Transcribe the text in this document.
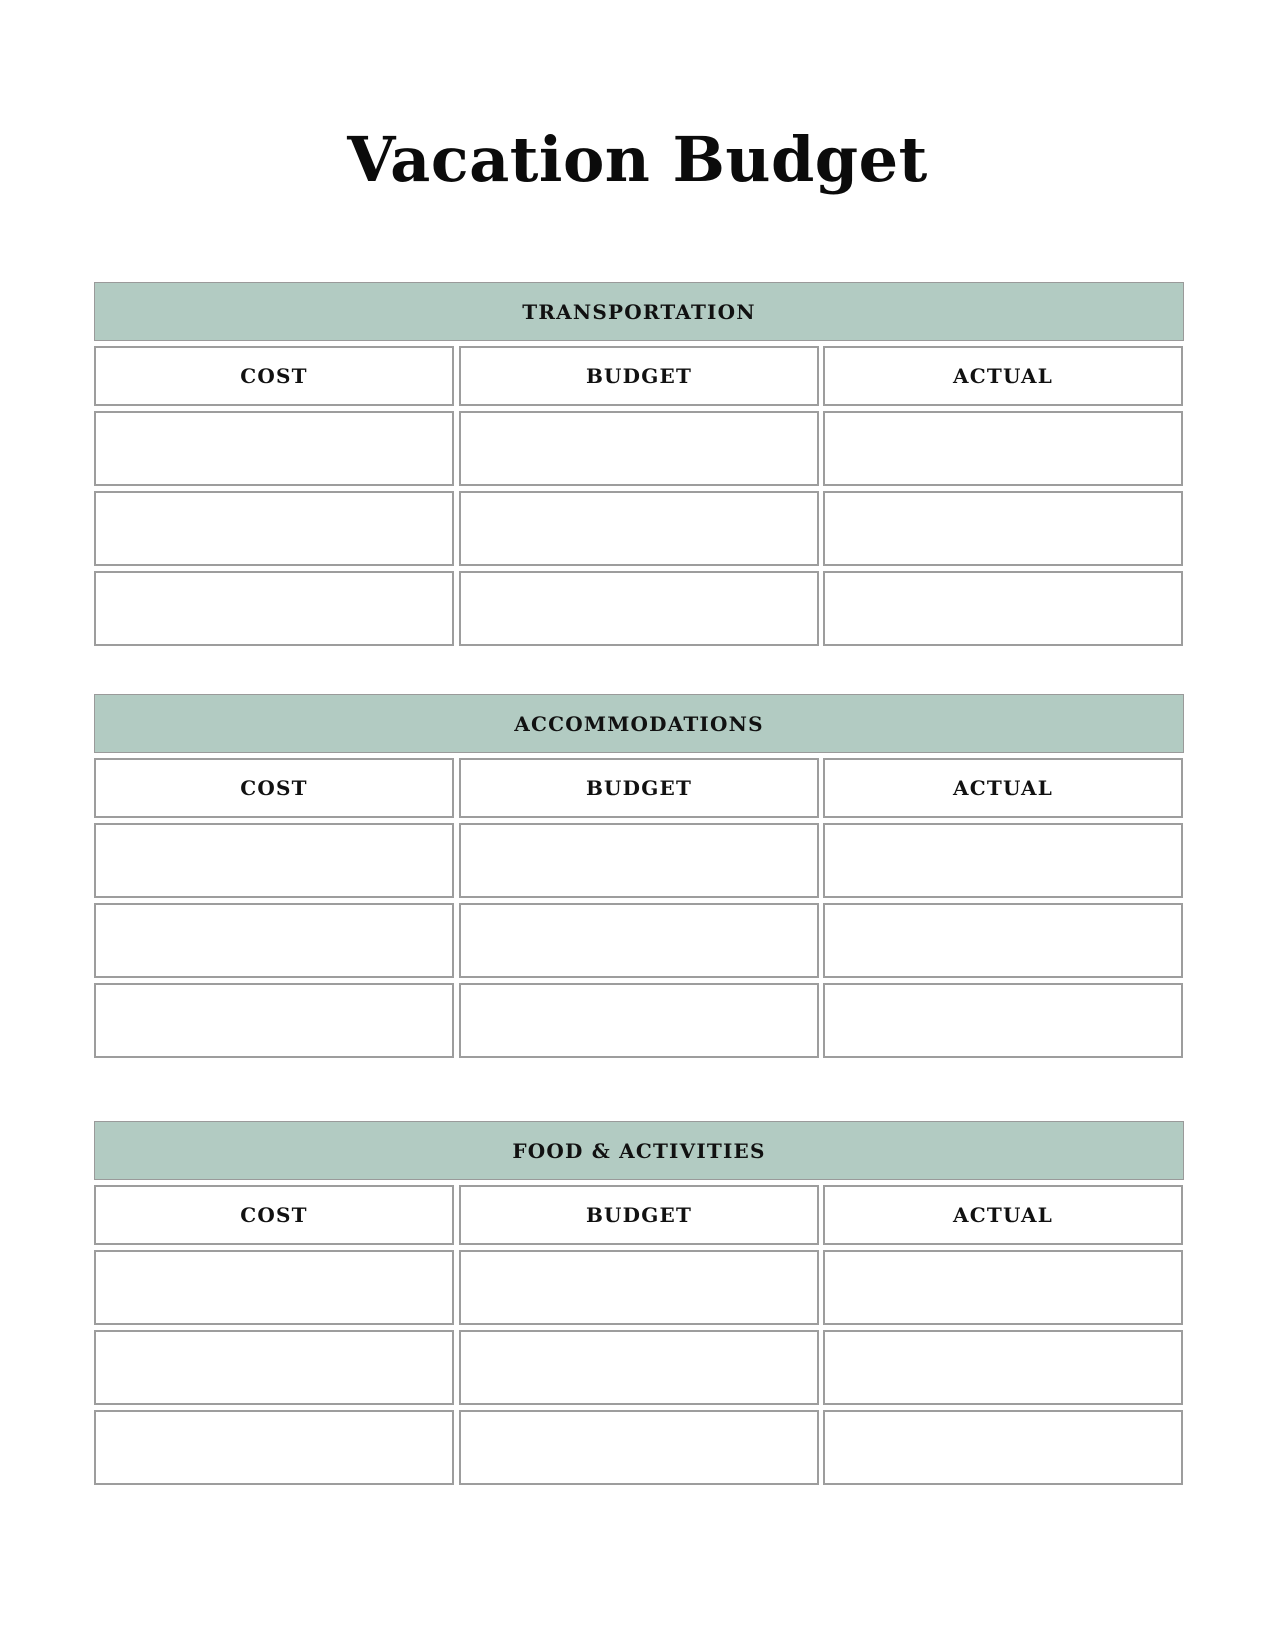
Vacation Budget
TRANSPORTATION
COST	BUDGET	ACTUAL
ACCOMMODATIONS
COST	BUDGET	ACTUAL
FOOD & ACTIVITIES
COST	BUDGET	ACTUAL
